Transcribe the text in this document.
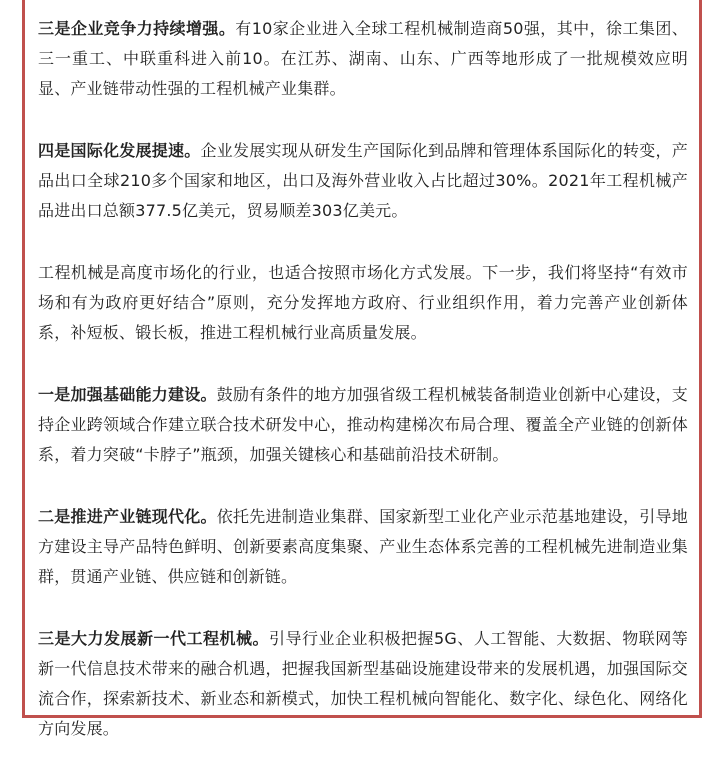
三是企业竞争力持续增强。有10家企业进入全球工程机械制造商50强，其中，徐工集团、三一重工、中联重科进入前10。在江苏、湖南、山东、广西等地形成了一批规模效应明显、产业链带动性强的工程机械产业集群。

四是国际化发展提速。企业发展实现从研发生产国际化到品牌和管理体系国际化的转变，产品出口全球210多个国家和地区，出口及海外营业收入占比超过30%。2021年工程机械产品进出口总额377.5亿美元，贸易顺差303亿美元。

工程机械是高度市场化的行业，也适合按照市场化方式发展。下一步，我们将坚持“有效市场和有为政府更好结合”原则，充分发挥地方政府、行业组织作用，着力完善产业创新体系，补短板、锻长板，推进工程机械行业高质量发展。

一是加强基础能力建设。鼓励有条件的地方加强省级工程机械装备制造业创新中心建设，支持企业跨领域合作建立联合技术研发中心，推动构建梯次布局合理、覆盖全产业链的创新体系，着力突破“卡脖子”瓶颈，加强关键核心和基础前沿技术研制。

二是推进产业链现代化。依托先进制造业集群、国家新型工业化产业示范基地建设，引导地方建设主导产品特色鲜明、创新要素高度集聚、产业生态体系完善的工程机械先进制造业集群，贯通产业链、供应链和创新链。

三是大力发展新一代工程机械。引导行业企业积极把握5G、人工智能、大数据、物联网等新一代信息技术带来的融合机遇，把握我国新型基础设施建设带来的发展机遇，加强国际交流合作，探索新技术、新业态和新模式，加快工程机械向智能化、数字化、绿色化、网络化方向发展。
